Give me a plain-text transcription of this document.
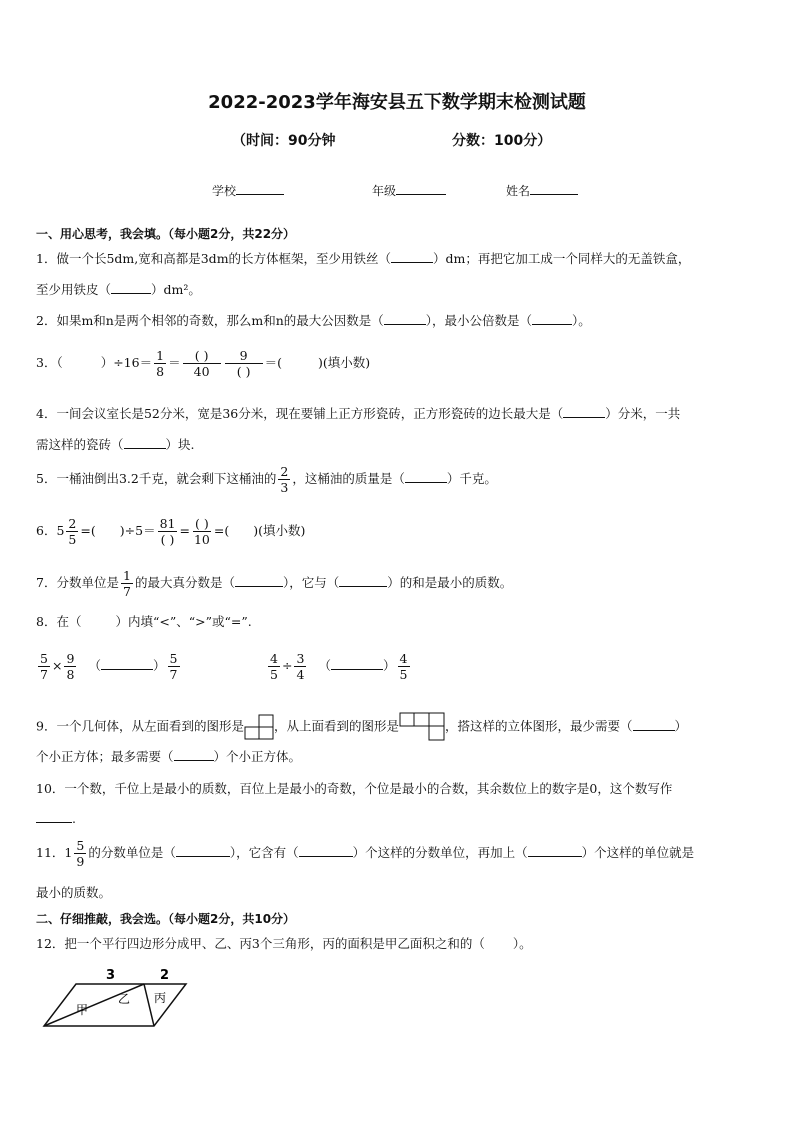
2022-2023学年海安县五下数学期末检测试题
（时间：90分钟	分数：100分）
学校	年级	姓名
一、用心思考，我会填。（每小题2分，共22分）
1．做一个长5dm,宽和高都是3dm的长方体框架，至少用铁丝（	）dm；再把它加工成一个同样大的无盖铁盒，
至少用铁皮（	）dm²。
2．如果m和n是两个相邻的奇数，那么m和n的最大公因数是（	），最小公倍数是（	）。
3．（	）$\div 16= \frac{1}{8} = \frac{( )}{40} \frac{9}{( )}$ ＝(	)(填小数)
4．一间会议室长是52分米，宽是36分米，现在要铺上正方形瓷砖，正方形瓷砖的边长最大是（	）分米，一共
需这样的瓷砖（	）块.
5．一桶油倒出3.2千克，就会剩下这桶油的 $\frac{2}{3}$ ，这桶油的质量是（	）千克。
6．$5 \frac{2}{5}$ =( )$\div 5= \frac{81}{( )} = \frac{( )}{10}$ =( )(填小数)
7．分数单位是 $\frac{1}{7}$ 的最大真分数是（	），它与（	）的和是最小的质数。
8．在（	）内填“<”、“>”或“=”.
$\frac{5}{7} \times \frac{9}{8}$ （	） $\frac{5}{7}$	$\frac{4}{5} \div \frac{3}{4}$ （	） $\frac{4}{5}$
9．一个几何体，从左面看到的图形是 ，从上面看到的图形是	，搭这样的立体图形，最少需要（	）
个小正方体；最多需要（	）个小正方体。
10．一个数，千位上是最小的质数，百位上是最小的奇数，个位是最小的合数，其余数位上的数字是0，这个数写作
.
11．$1 \frac{5}{9}$ 的分数单位是（	），它含有（	）个这样的分数单位，再加上（	）个这样的单位就是
最小的质数。
二、仔细推敲，我会选。（每小题2分，共10分）
12．把一个平行四边形分成甲、乙、丙3个三角形，丙的面积是甲乙面积之和的（ ）。
3	2
甲
乙 丙
